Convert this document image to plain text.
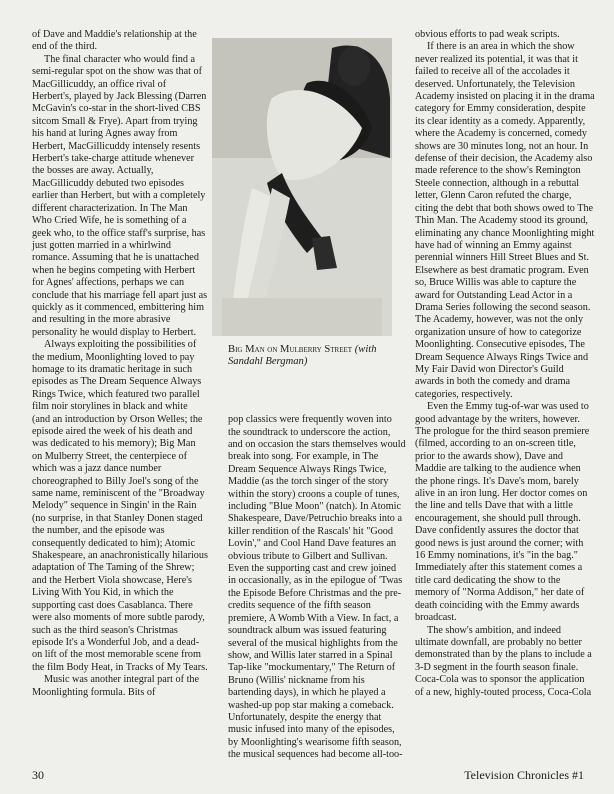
of Dave and Maddie's relationship at the end of the third.

The final character who would find a semi-regular spot on the show was that of MacGillicuddy, an office rival of Herbert's, played by Jack Blessing (Darren McGavin's co-star in the short-lived CBS sitcom Small & Frye). Apart from trying his hand at luring Agnes away from Herbert, MacGillicuddy intensely resents Herbert's take-charge attitude whenever the bosses are away. Actually, MacGillicuddy debuted two episodes earlier than Herbert, but with a completely different characterization. In The Man Who Cried Wife, he is something of a geek who, to the office staff's surprise, has just gotten married in a whirlwind romance. Assuming that he is unattached when he begins competing with Herbert for Agnes' affections, perhaps we can conclude that his marriage fell apart just as quickly as it commenced, embittering him and resulting in the more abrasive personality he would display to Herbert.

Always exploiting the possibilities of the medium, Moonlighting loved to pay homage to its dramatic heritage in such episodes as The Dream Sequence Always Rings Twice, which featured two parallel film noir storylines in black and white (and an introduction by Orson Welles; the episode aired the week of his death and was dedicated to his memory); Big Man on Mulberry Street, the centerpiece of which was a jazz dance number choreographed to Billy Joel's song of the same name, reminiscent of the "Broadway Melody" sequence in Singin' in the Rain (no surprise, in that Stanley Donen staged the number, and the episode was consequently dedicated to him); Atomic Shakespeare, an anachronistically hilarious adaptation of The Taming of the Shrew; and the Herbert Viola showcase, Here's Living With You Kid, in which the supporting cast does Casablanca. There were also moments of more subtle parody, such as the third season's Christmas episode It's a Wonderful Job, and a dead-on lift of the most memorable scene from the film Body Heat, in Tracks of My Tears.

Music was another integral part of the Moonlighting formula. Bits of

Big Man on Mulberry Street (with Sandahl Bergman)

pop classics were frequently woven into the soundtrack to underscore the action, and on occasion the stars themselves would break into song. For example, in The Dream Sequence Always Rings Twice, Maddie (as the torch singer of the story within the story) croons a couple of tunes, including "Blue Moon" (natch). In Atomic Shakespeare, Dave/Petruchio breaks into a killer rendition of the Rascals' hit "Good Lovin'," and Cool Hand Dave features an obvious tribute to Gilbert and Sullivan. Even the supporting cast and crew joined in occasionally, as in the epilogue of 'Twas the Episode Before Christmas and the pre-credits sequence of the fifth season premiere, A Womb With a View. In fact, a soundtrack album was issued featuring several of the musical highlights from the show, and Willis later starred in a Spinal Tap-like "mockumentary," The Return of Bruno (Willis' nickname from his bartending days), in which he played a washed-up pop star making a comeback. Unfortunately, despite the energy that music infused into many of the episodes, by Moonlighting's wearisome fifth season, the musical sequences had become all-too-

obvious efforts to pad weak scripts.

If there is an area in which the show never realized its potential, it was that it failed to receive all of the accolades it deserved. Unfortunately, the Television Academy insisted on placing it in the drama category for Emmy consideration, despite its clear identity as a comedy. Apparently, where the Academy is concerned, comedy shows are 30 minutes long, not an hour. In defense of their decision, the Academy also made reference to the show's Remington Steele connection, although in a rebuttal letter, Glenn Caron refuted the charge, citing the debt that both shows owed to The Thin Man. The Academy stood its ground, eliminating any chance Moonlighting might have had of winning an Emmy against perennial winners Hill Street Blues and St. Elsewhere as best dramatic program. Even so, Bruce Willis was able to capture the award for Outstanding Lead Actor in a Drama Series following the second season. The Academy, however, was not the only organization unsure of how to categorize Moonlighting. Consecutive episodes, The Dream Sequence Always Rings Twice and My Fair David won Director's Guild awards in both the comedy and drama categories, respectively.

Even the Emmy tug-of-war was used to good advantage by the writers, however. The prologue for the third season premiere (filmed, according to an on-screen title, prior to the awards show), Dave and Maddie are talking to the audience when the phone rings. It's Dave's mom, barely alive in an iron lung. Her doctor comes on the line and tells Dave that with a little encouragement, she should pull through. Dave confidently assures the doctor that good news is just around the corner; with 16 Emmy nominations, it's "in the bag." Immediately after this statement comes a title card dedicating the show to the memory of "Norma Addison," her date of death coinciding with the Emmy awards broadcast.

The show's ambition, and indeed ultimate downfall, are probably no better demonstrated than by the plans to include a 3-D segment in the fourth season finale. Coca-Cola was to sponsor the application of a new, highly-touted process, Coca-Cola

30	Television Chronicles #1
